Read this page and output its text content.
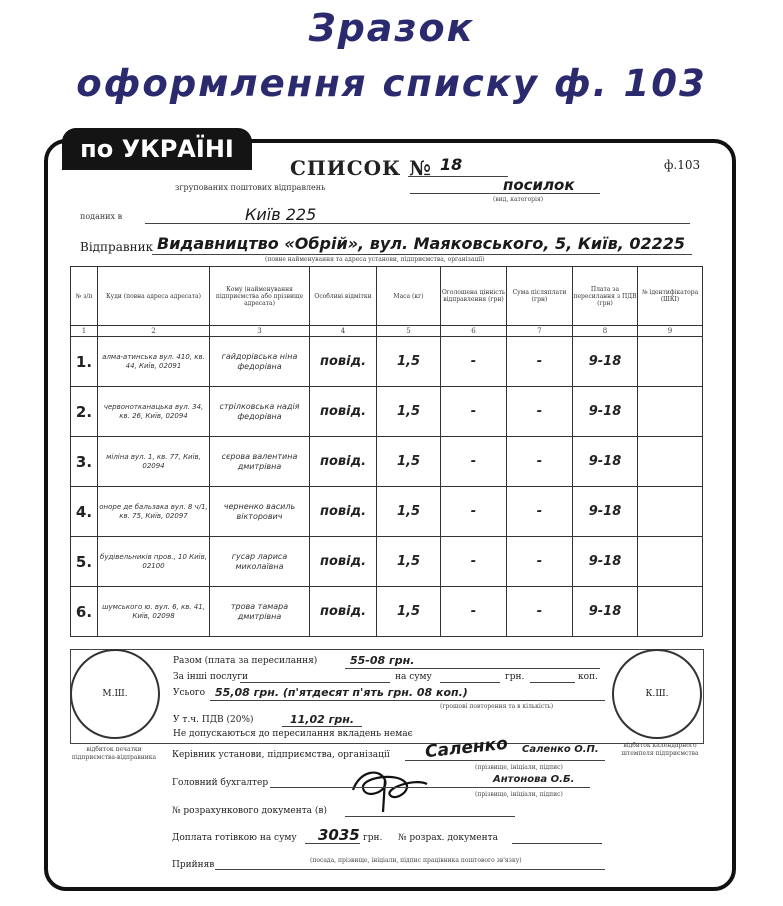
Зразок
оформлення списку ф. 103
по УКРАЇНІ
СПИСОК № 18	ф.103
згрупованих поштових відправлень	посилок
(вид, категорія)
поданих в	Київ 225
Відправник Видавництво «Обрій», вул. Маяковського, 5, Київ, 02225
(повне найменування та адреса установи, підприємства, організації)
№ з/п	Куди (повна адреса адресата)	Кому (найменування підприємства або прізвище адресата)	Особливі відмітки	Маса (кг)	Оголошена цінність відправлення (грн)	Сума післяплати (грн)	Плата за пересилання з ПДВ (грн)	№ ідентифікатора (ШКІ)
1	2	3	4	5	6	7	8	9
1.	алма-атинська вул. 410, кв. 44, Київ, 02091	гайдорівська ніна федорівна	повід.	1,5	-	-	9-18	
2.	червонотканацька вул. 34, кв. 26, Київ, 02094	стрілковська надія федорівна	повід.	1,5	-	-	9-18	
3.	міліна вул. 1, кв. 77, Київ, 02094	сєрова валентина дмитрівна	повід.	1,5	-	-	9-18	
4.	оноре де бальзака вул. 8 ч/1, кв. 75, Київ, 02097	черненко василь вікторович	повід.	1,5	-	-	9-18	
5.	будівельників пров., 10 Київ, 02100	гусар лариса миколаївна	повід.	1,5	-	-	9-18	
6.	шумського ю. вул. 6, кв. 41, Київ, 02098	трова тамара дмитрівна	повід.	1,5	-	-	9-18	
М.Ш.	К.Ш.
відбиток печатки підприємства-відправника
відбиток календарного штемпеля підприємства
Разом (плата за пересилання)	55-08 грн.
За інші послуги	на суму	грн.	коп.
Усього 55,08 грн. (п'ятдесят п'ять грн. 08 коп.)
(грошові повторення та в кількість)
У т.ч. ПДВ (20%)	11,02 грн.
Не допускаються до пересилання вкладень немає
Керівник установи, підприємства, організації Саленко Саленко О.П.
(прізвище, ініціали, підпис)
Головний бухгалтер	Антонова О.Б.
(прізвище, ініціали, підпис)
№ розрахункового документа (в)
Доплата готівкою на суму 3035 грн. № розрах. документа
Прийняв	(посада, прізвище, ініціали, підпис працівника поштового зв'язку)
